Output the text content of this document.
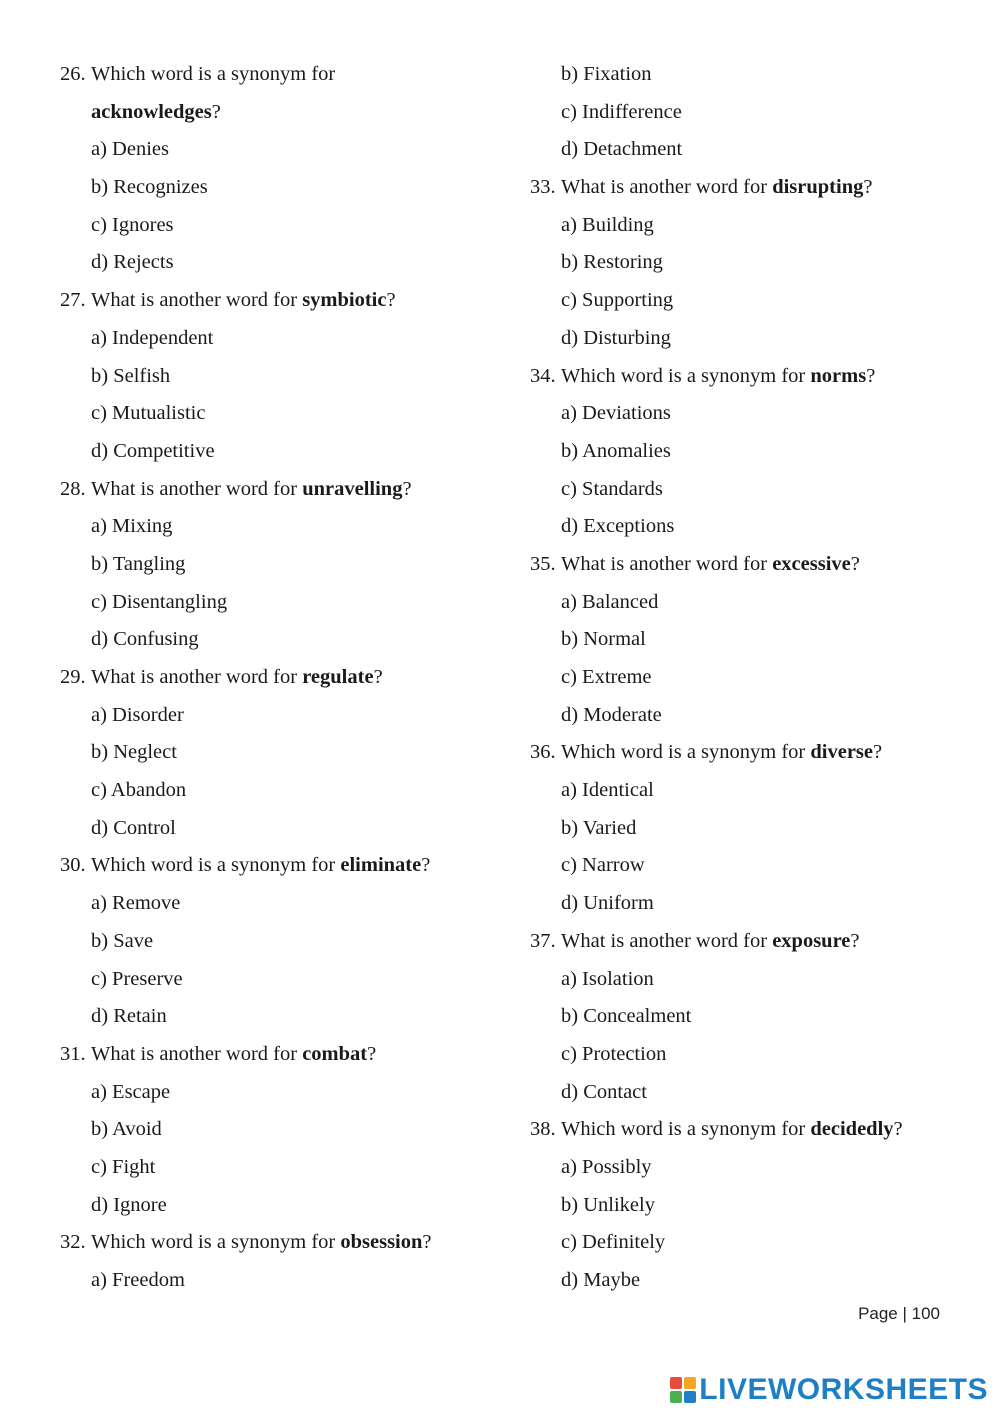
26. Which word is a synonym for
acknowledges?
a) Denies
b) Recognizes
c) Ignores
d) Rejects
27. What is another word for symbiotic?
a) Independent
b) Selfish
c) Mutualistic
d) Competitive
28. What is another word for unravelling?
a) Mixing
b) Tangling
c) Disentangling
d) Confusing
29. What is another word for regulate?
a) Disorder
b) Neglect
c) Abandon
d) Control
30. Which word is a synonym for eliminate?
a) Remove
b) Save
c) Preserve
d) Retain
31. What is another word for combat?
a) Escape
b) Avoid
c) Fight
d) Ignore
32. Which word is a synonym for obsession?
a) Freedom
b) Fixation
c) Indifference
d) Detachment
33. What is another word for disrupting?
a) Building
b) Restoring
c) Supporting
d) Disturbing
34. Which word is a synonym for norms?
a) Deviations
b) Anomalies
c) Standards
d) Exceptions
35. What is another word for excessive?
a) Balanced
b) Normal
c) Extreme
d) Moderate
36. Which word is a synonym for diverse?
a) Identical
b) Varied
c) Narrow
d) Uniform
37. What is another word for exposure?
a) Isolation
b) Concealment
c) Protection
d) Contact
38. Which word is a synonym for decidedly?
a) Possibly
b) Unlikely
c) Definitely
d) Maybe
Page | 100
LIVEWORKSHEETS
